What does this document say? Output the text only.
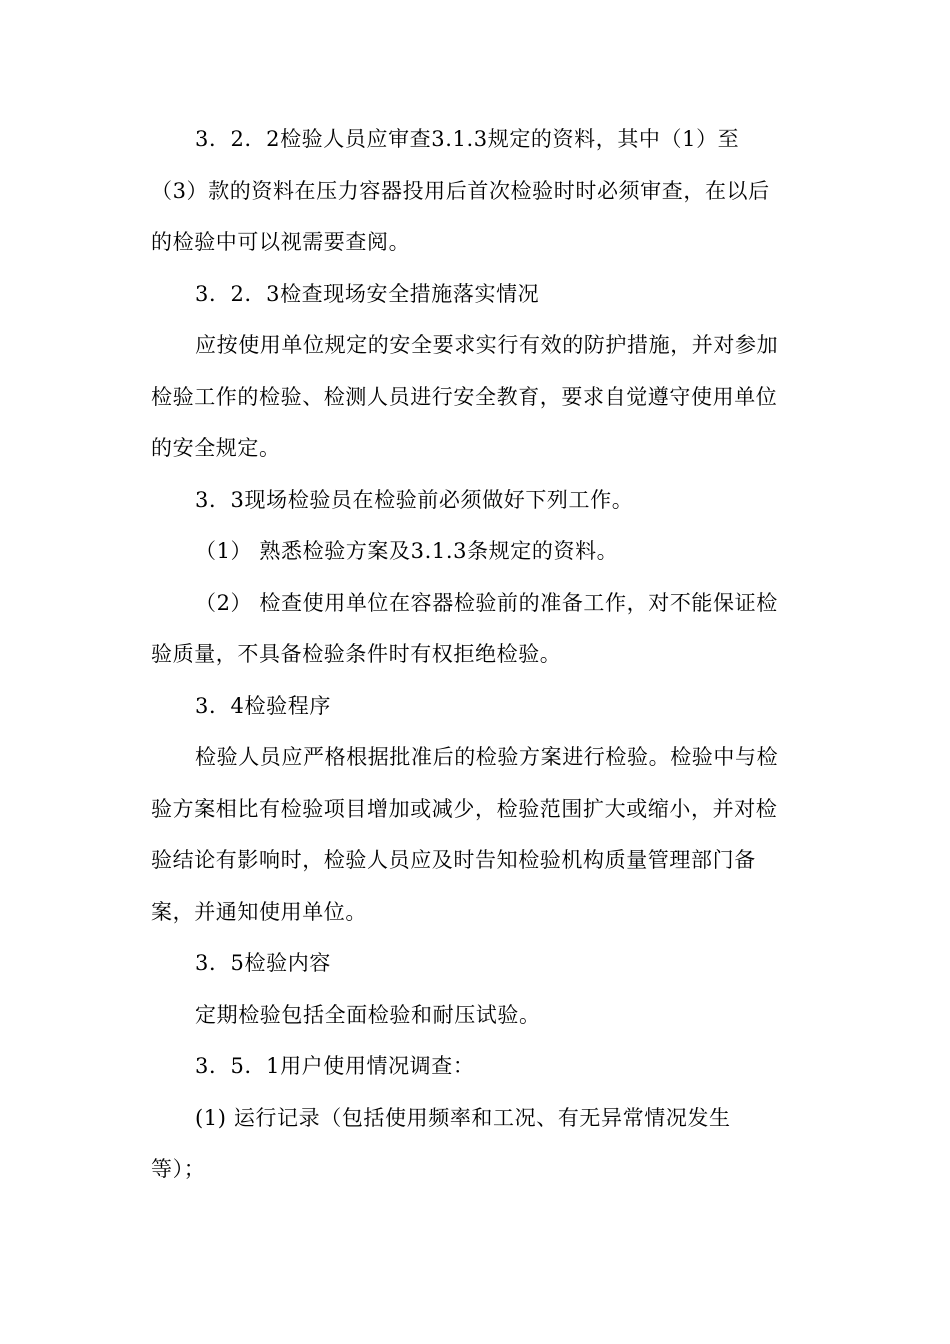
3．2．2检验人员应审查3.1.3规定的资料，其中（1）至
（3）款的资料在压力容器投用后首次检验时时必须审查，在以后
的检验中可以视需要查阅。

3．2．3检查现场安全措施落实情况

应按使用单位规定的安全要求实行有效的防护措施，并对参加
检验工作的检验、检测人员进行安全教育，要求自觉遵守使用单位
的安全规定。

3．3现场检验员在检验前必须做好下列工作。

（1） 熟悉检验方案及3.1.3条规定的资料。

（2） 检查使用单位在容器检验前的准备工作，对不能保证检
验质量，不具备检验条件时有权拒绝检验。

3．4检验程序

检验人员应严格根据批准后的检验方案进行检验。检验中与检
验方案相比有检验项目增加或减少，检验范围扩大或缩小，并对检
验结论有影响时，检验人员应及时告知检验机构质量管理部门备
案，并通知使用单位。

3．5检验内容

定期检验包括全面检验和耐压试验。

3．5．1用户使用情况调查：

(1) 运行记录（包括使用频率和工况、有无异常情况发生
等）；
